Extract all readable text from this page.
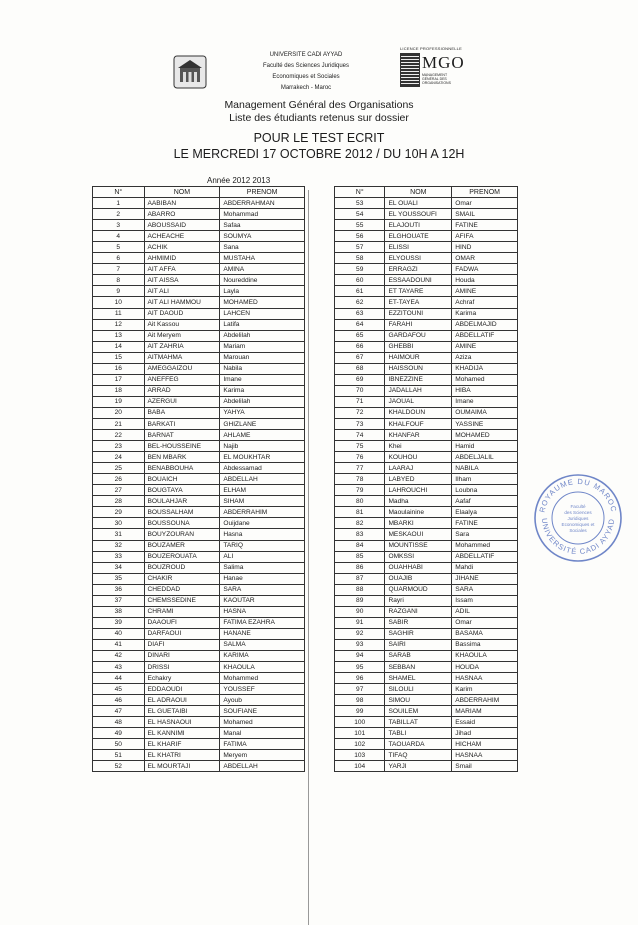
UNIVERSITE CADI AYYAD
Faculté des Sciences Juridiques
Economiques et Sociales
Marrakech - Maroc
LICENCE PROFESSIONNELLE
MGO
MANAGEMENT GÉNÉRAL DES ORGANISATIONS
Management Général des Organisations
Liste des étudiants retenus sur dossier
POUR LE TEST ECRIT
LE MERCREDI 17 OCTOBRE 2012 / DU 10H A 12H
Année 2012 2013
N°	NOM	PRENOM
1	AABIBAN	ABDERRAHMAN
2	ABARRO	Mohammad
3	ABOUSSAID	Safaa
4	ACHEACHE	SOUMYA
5	ACHIK	Sana
6	AHMIMID	MUSTAHA
7	AIT AFFA	AMINA
8	AIT AISSA	Noureddine
9	AIT ALI	Layla
10	AIT ALI HAMMOU	MOHAMED
11	AIT DAOUD	LAHCEN
12	Ait Kassou	Latifa
13	Ait Meryem	Abdelilah
14	AIT ZAHRIA	Mariam
15	AITMAHMA	Marouan
16	AMEGGAIZOU	Nabila
17	ANEFFEG	Imane
18	ARRAD	Karima
19	AZERGUI	Abdelilah
20	BABA	YAHYA
21	BARKATI	GHIZLANE
22	BARNAT	AHLAME
23	BEL-HOUSSEINE	Najib
24	BEN MBARK	EL MOUKHTAR
25	BENABBOUHA	Abdessamad
26	BOUAICH	ABDELLAH
27	BOUGTAYA	ELHAM
28	BOULAHJAR	SIHAM
29	BOUSSALHAM	ABDERRAHIM
30	BOUSSOUNA	Ouijdane
31	BOUYZOURAN	Hasna
32	BOUZAMER	TARIQ
33	BOUZEROUATA	ALI
34	BOUZROUD	Salima
35	CHAKIR	Hanae
36	CHEDDAD	SARA
37	CHEMSSEDINE	KAOUTAR
38	CHRAMI	HASNA
39	DAAOUFI	FATIMA EZAHRA
40	DARFAOUI	HANANE
41	DIAFI	SALMA
42	DINARI	KARIMA
43	DRISSI	KHAOULA
44	Echakry	Mohammed
45	EDDAOUDI	YOUSSEF
46	EL ADRAOUI	Ayoub
47	EL GUETAIBI	SOUFIANE
48	EL HASNAOUI	Mohamed
49	EL KANNIMI	Manal
50	EL KHARIF	FATIMA
51	EL KHATRI	Meryem
52	EL MOURTAJI	ABDELLAH
N°	NOM	PRENOM
53	EL OUALI	Omar
54	EL YOUSSOUFI	SMAIL
55	ELAJOUTI	FATINE
56	ELGHOUATE	AFIFA
57	ELISSI	HIND
58	ELYOUSSI	OMAR
59	ERRAGZI	FADWA
60	ESSAADOUNI	Houda
61	ET TAYARE	AMINE
62	ET-TAYEA	Achraf
63	EZZITOUNI	Karima
64	FARAHI	ABDELMAJID
65	GARDAFOU	ABDELLATIF
66	GHEBBI	AMINE
67	HAIMOUR	Aziza
68	HAISSOUN	KHADIJA
69	IBNEZZINE	Mohamed
70	JADALLAH	HIBA
71	JAOUAL	Imane
72	KHALDOUN	OUMAIMA
73	KHALFOUF	YASSINE
74	KHANFAR	MOHAMED
75	Khei	Hamid
76	KOUHOU	ABDELJALIL
77	LAARAJ	NABILA
78	LABYED	Ilham
79	LAHROUCHI	Loubna
80	Madha	Aafaf
81	Maoulainine	Elaalya
82	MBARKI	FATINE
83	MESKAOUI	Sara
84	MOUNTISSE	Mohammed
85	OMKSSI	ABDELLATIF
86	OUAHHABI	Mahdi
87	OUAJIB	JIHANE
88	QUARMOUD	SARA
89	Rayri	Issam
90	RAZGANI	ADIL
91	SABIR	Omar
92	SAGHIR	BASAMA
93	SAIRI	Bassima
94	SARAB	KHAOULA
95	SEBBAN	HOUDA
96	SHAMEL	HASNAA
97	SILOULI	Karim
98	SIMOU	ABDERRAHIM
99	SOUILEM	MARIAM
100	TABILLAT	Essaid
101	TABLI	Jihad
102	TAOUARDA	HICHAM
103	TIFAQ	HASNAA
104	YARJI	Smail
ROYAUME DU MAROC
UNIVERSITÉ CADI AYYAD
Faculté
des Sciences
Juridiques
Economiques et
Sociales
